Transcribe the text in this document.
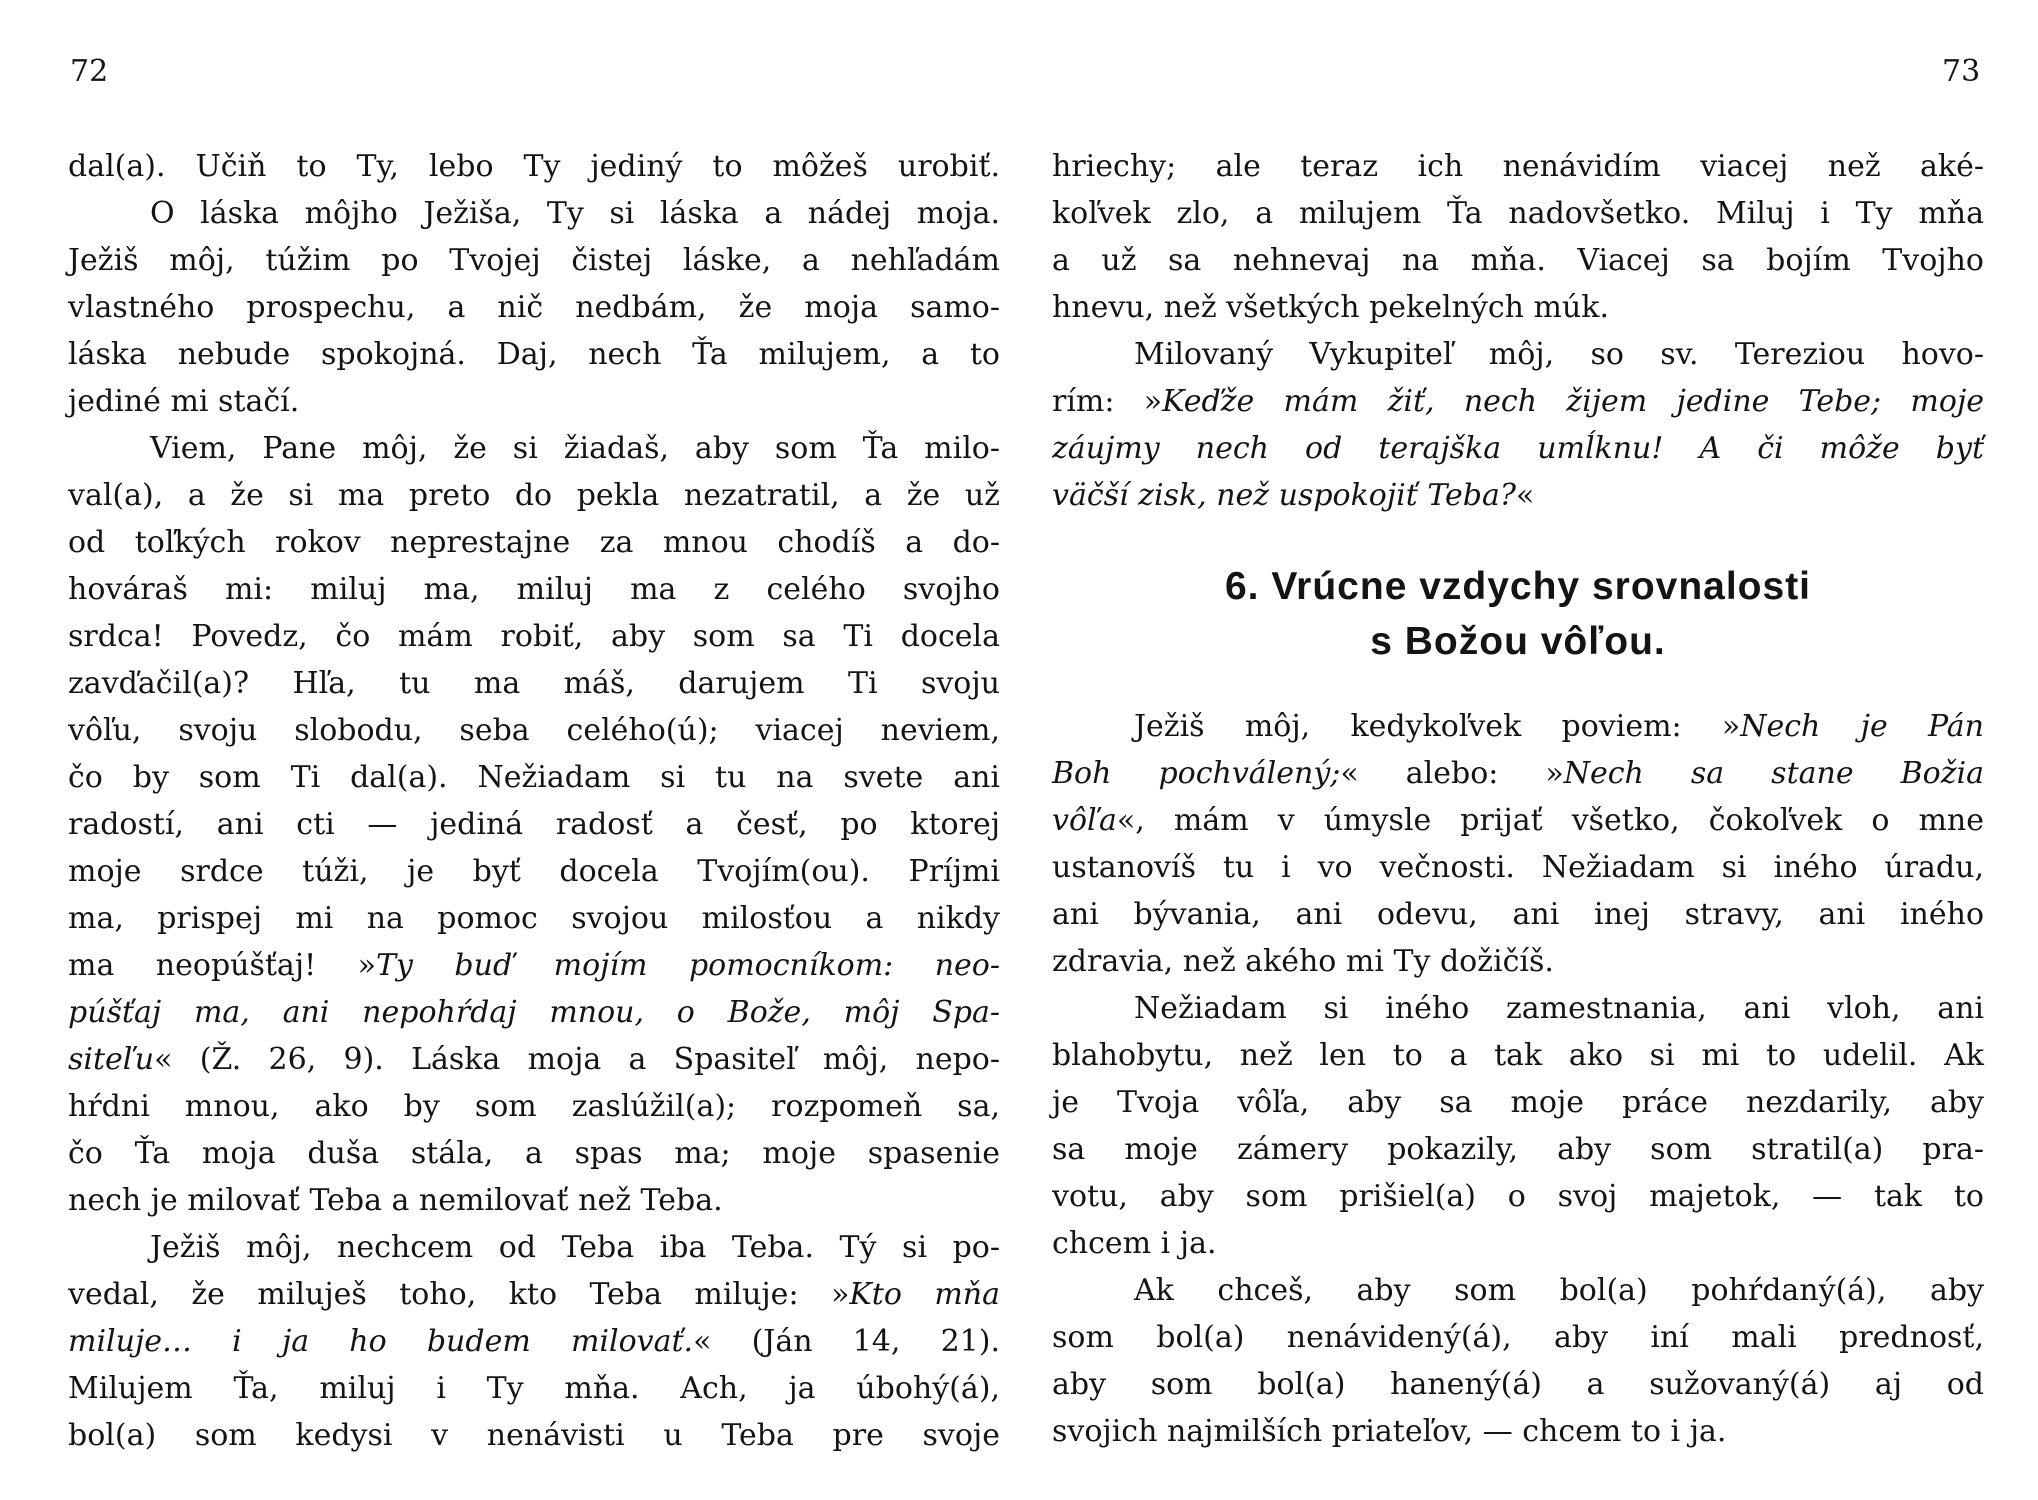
72	73
dal(a). Učiň to Ty, lebo Ty jediný to môžeš urobiť.
O láska môjho Ježiša, Ty si láska a nádej moja.
Ježiš môj, túžim po Tvojej čistej láske, a nehľadám
vlastného prospechu, a nič nedbám, že moja samo-
láska nebude spokojná. Daj, nech Ťa milujem, a to
jediné mi stačí.
Viem, Pane môj, že si žiadaš, aby som Ťa milo-
val(a), a že si ma preto do pekla nezatratil, a že už
od toľkých rokov neprestajne za mnou chodíš a do-
hováraš mi: miluj ma, miluj ma z celého svojho
srdca! Povedz, čo mám robiť, aby som sa Ti docela
zavďačil(a)? Hľa, tu ma máš, darujem Ti svoju
vôľu, svoju slobodu, seba celého(ú); viacej neviem,
čo by som Ti dal(a). Nežiadam si tu na svete ani
radostí, ani cti — jediná radosť a česť, po ktorej
moje srdce túži, je byť docela Tvojím(ou). Príjmi
ma, prispej mi na pomoc svojou milosťou a nikdy
ma neopúšťaj! »Ty buď mojím pomocníkom: neo-
púšťaj ma, ani nepohŕdaj mnou, o Bože, môj Spa-
siteľu« (Ž. 26, 9). Láska moja a Spasiteľ môj, nepo-
hŕdni mnou, ako by som zaslúžil(a); rozpomeň sa,
čo Ťa moja duša stála, a spas ma; moje spasenie
nech je milovať Teba a nemilovať než Teba.
Ježiš môj, nechcem od Teba iba Teba. Tý si po-
vedal, že miluješ toho, kto Teba miluje: »Kto mňa
miluje… i ja ho budem milovať.« (Ján 14, 21).
Milujem Ťa, miluj i Ty mňa. Ach, ja úbohý(á),
bol(a) som kedysi v nenávisti u Teba pre svoje
hriechy; ale teraz ich nenávidím viacej než aké-
koľvek zlo, a milujem Ťa nadovšetko. Miluj i Ty mňa
a už sa nehnevaj na mňa. Viacej sa bojím Tvojho
hnevu, než všetkých pekelných múk.
Milovaný Vykupiteľ môj, so sv. Tereziou hovo-
rím: »Keďže mám žiť, nech žijem jedine Tebe; moje
záujmy nech od terajška umĺknu! A či môže byť
väčší zisk, než uspokojiť Teba?«
6. Vrúcne vzdychy srovnalosti
s Božou vôľou.
Ježiš môj, kedykoľvek poviem: »Nech je Pán
Boh pochválený;« alebo: »Nech sa stane Božia
vôľa«, mám v úmysle prijať všetko, čokoľvek o mne
ustanovíš tu i vo večnosti. Nežiadam si iného úradu,
ani bývania, ani odevu, ani inej stravy, ani iného
zdravia, než akého mi Ty dožičíš.
Nežiadam si iného zamestnania, ani vloh, ani
blahobytu, než len to a tak ako si mi to udelil. Ak
je Tvoja vôľa, aby sa moje práce nezdarily, aby
sa moje zámery pokazily, aby som stratil(a) pra-
votu, aby som prišiel(a) o svoj majetok, — tak to
chcem i ja.
Ak chceš, aby som bol(a) pohŕdaný(á), aby
som bol(a) nenávidený(á), aby iní mali prednosť,
aby som bol(a) hanený(á) a sužovaný(á) aj od
svojich najmilších priateľov, — chcem to i ja.
